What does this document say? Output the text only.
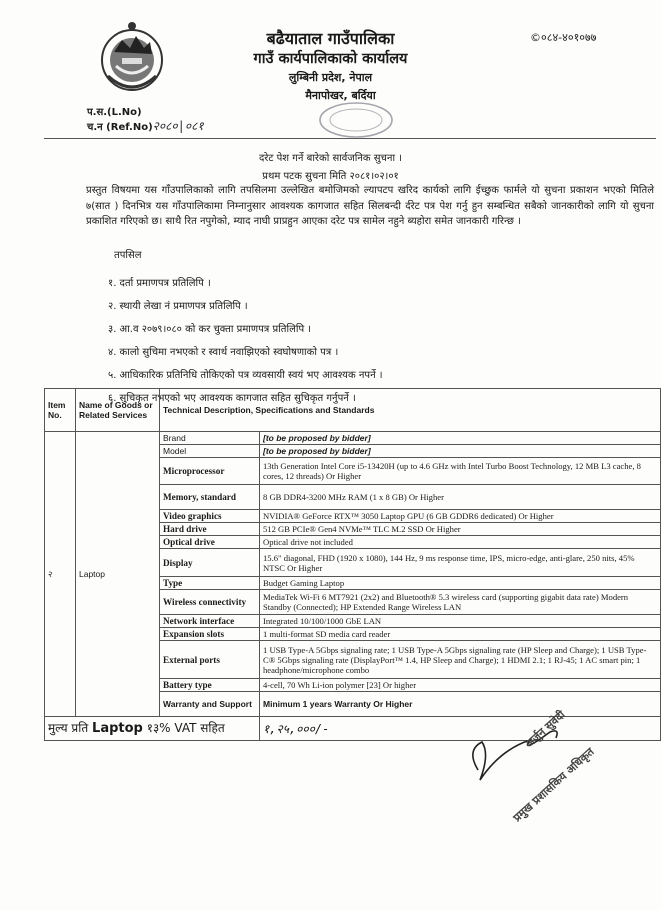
बढैयाताल गाउँपालिका
गाउँ कार्यपालिकाको कार्यालय
लुम्बिनी प्रदेश, नेपाल
मैनापोखर, बर्दिया
©०८४-४०१०७७
प.स.(L.No)
च.न (Ref.No)२०८०|०८१
दरेट पेश गर्ने बारेको सार्वजनिक सुचना ।
प्रथम पटक सुचना मिति २०८१।०२।०१
प्रस्तुत विषयमा यस गाँउपालिकाको लागि तपसिलमा उल्लेखित बमोजिमको ल्यापटप खरिद कार्यको लागि ईच्छुक फार्मले यो सुचना प्रकाशन भएको मितिले ७(सात ) दिनभित्र यस गाँउपालिकामा निम्नानुसार आवश्यक कागजात सहित सिलबन्दी र्दरेट पत्र पेश गर्नु हुन सम्बन्धित सबैको जानकारीको लागि यो सुचना प्रकाशित गरिएको छ। साथै रित नपुगेको, म्याद नाघी प्राप्रहुन आएका दरेट पत्र सामेल नहुने ब्यहोरा समेत जानकारी गरिन्छ ।
तपसिल
१. दर्ता प्रमाणपत्र प्रतिलिपि ।
२. स्थायी लेखा नं प्रमाणपत्र प्रतिलिपि ।
३. आ.व २०७९।०८० को कर चुक्ता प्रमाणपत्र प्रतिलिपि ।
४. कालो सुचिमा नभएको र स्वार्थ नवाझिएको स्वघोषणाको पत्र ।
५. आधिकारिक प्रतिनिधि तोकिएको पत्र व्यवसायी स्वयं भए आवश्यक नपर्ने ।
६. सुचिकृत नभएको भए आवश्यक कागजात सहित सुचिकृत गर्नुपर्ने ।
Item No.	Name of Goods or Related Services	Technical Description, Specifications and Standards	
२	Laptop	Brand	[to be proposed by bidder]
		Model	[to be proposed by bidder]
		Microprocessor	13th Generation Intel Core i5-13420H (up to 4.6 GHz with Intel Turbo Boost Technology, 12 MB L3 cache, 8 cores, 12 threads) Or Higher
		Memory, standard	8 GB DDR4-3200 MHz RAM (1 x 8 GB) Or Higher
		Video graphics	NVIDIA® GeForce RTX™ 3050 Laptop GPU (6 GB GDDR6 dedicated) Or Higher
		Hard drive	512 GB PCIe® Gen4 NVMe™ TLC M.2 SSD Or Higher
		Optical drive	Optical drive not included
		Display	15.6" diagonal, FHD (1920 x 1080), 144 Hz, 9 ms response time, IPS, micro-edge, anti-glare, 250 nits, 45% NTSC Or Higher
		Type	Budget Gaming Laptop
		Wireless connectivity	MediaTek Wi-Fi 6 MT7921 (2x2) and Bluetooth® 5.3 wireless card (supporting gigabit data rate) Modern Standby (Connected); HP Extended Range Wireless LAN
		Network interface	Integrated 10/100/1000 GbE LAN
		Expansion slots	1 multi-format SD media card reader
		External ports	1 USB Type-A 5Gbps signaling rate; 1 USB Type-A 5Gbps signaling rate (HP Sleep and Charge); 1 USB Type-C® 5Gbps signaling rate (DisplayPort™ 1.4, HP Sleep and Charge); 1 HDMI 2.1; 1 RJ-45; 1 AC smart pin; 1 headphone/microphone combo
		Battery type	4-cell, 70 Wh Li-ion polymer [23] Or higher
		Warranty and Support	Minimum 1 years Warranty Or Higher
मुल्य प्रति Laptop १३% VAT सहित			१,२५,०००/-	अर्जुन सुवेदी
प्रमुख प्रशासकिय अधिकृत
